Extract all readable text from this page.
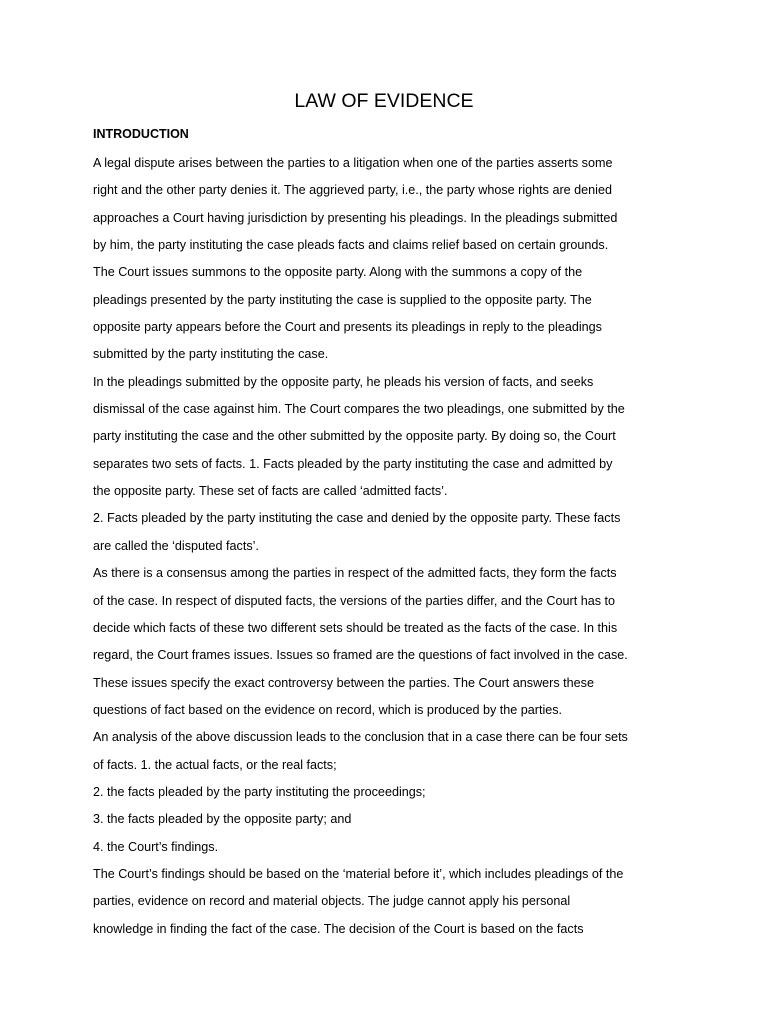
LAW OF EVIDENCE
INTRODUCTION
A legal dispute arises between the parties to a litigation when one of the parties asserts some
right and the other party denies it. The aggrieved party, i.e., the party whose rights are denied
approaches a Court having jurisdiction by presenting his pleadings. In the pleadings submitted
by him, the party instituting the case pleads facts and claims relief based on certain grounds.
The Court issues summons to the opposite party. Along with the summons a copy of the
pleadings presented by the party instituting the case is supplied to the opposite party. The
opposite party appears before the Court and presents its pleadings in reply to the pleadings
submitted by the party instituting the case.
In the pleadings submitted by the opposite party, he pleads his version of facts, and seeks
dismissal of the case against him. The Court compares the two pleadings, one submitted by the
party instituting the case and the other submitted by the opposite party. By doing so, the Court
separates two sets of facts. 1. Facts pleaded by the party instituting the case and admitted by
the opposite party. These set of facts are called ‘admitted facts’.
2. Facts pleaded by the party instituting the case and denied by the opposite party. These facts
are called the ‘disputed facts’.
As there is a consensus among the parties in respect of the admitted facts, they form the facts
of the case. In respect of disputed facts, the versions of the parties differ, and the Court has to
decide which facts of these two different sets should be treated as the facts of the case. In this
regard, the Court frames issues. Issues so framed are the questions of fact involved in the case.
These issues specify the exact controversy between the parties. The Court answers these
questions of fact based on the evidence on record, which is produced by the parties.
An analysis of the above discussion leads to the conclusion that in a case there can be four sets
of facts. 1. the actual facts, or the real facts;
2. the facts pleaded by the party instituting the proceedings;
3. the facts pleaded by the opposite party; and
4. the Court’s findings.
The Court’s findings should be based on the ‘material before it’, which includes pleadings of the
parties, evidence on record and material objects. The judge cannot apply his personal
knowledge in finding the fact of the case. The decision of the Court is based on the facts
